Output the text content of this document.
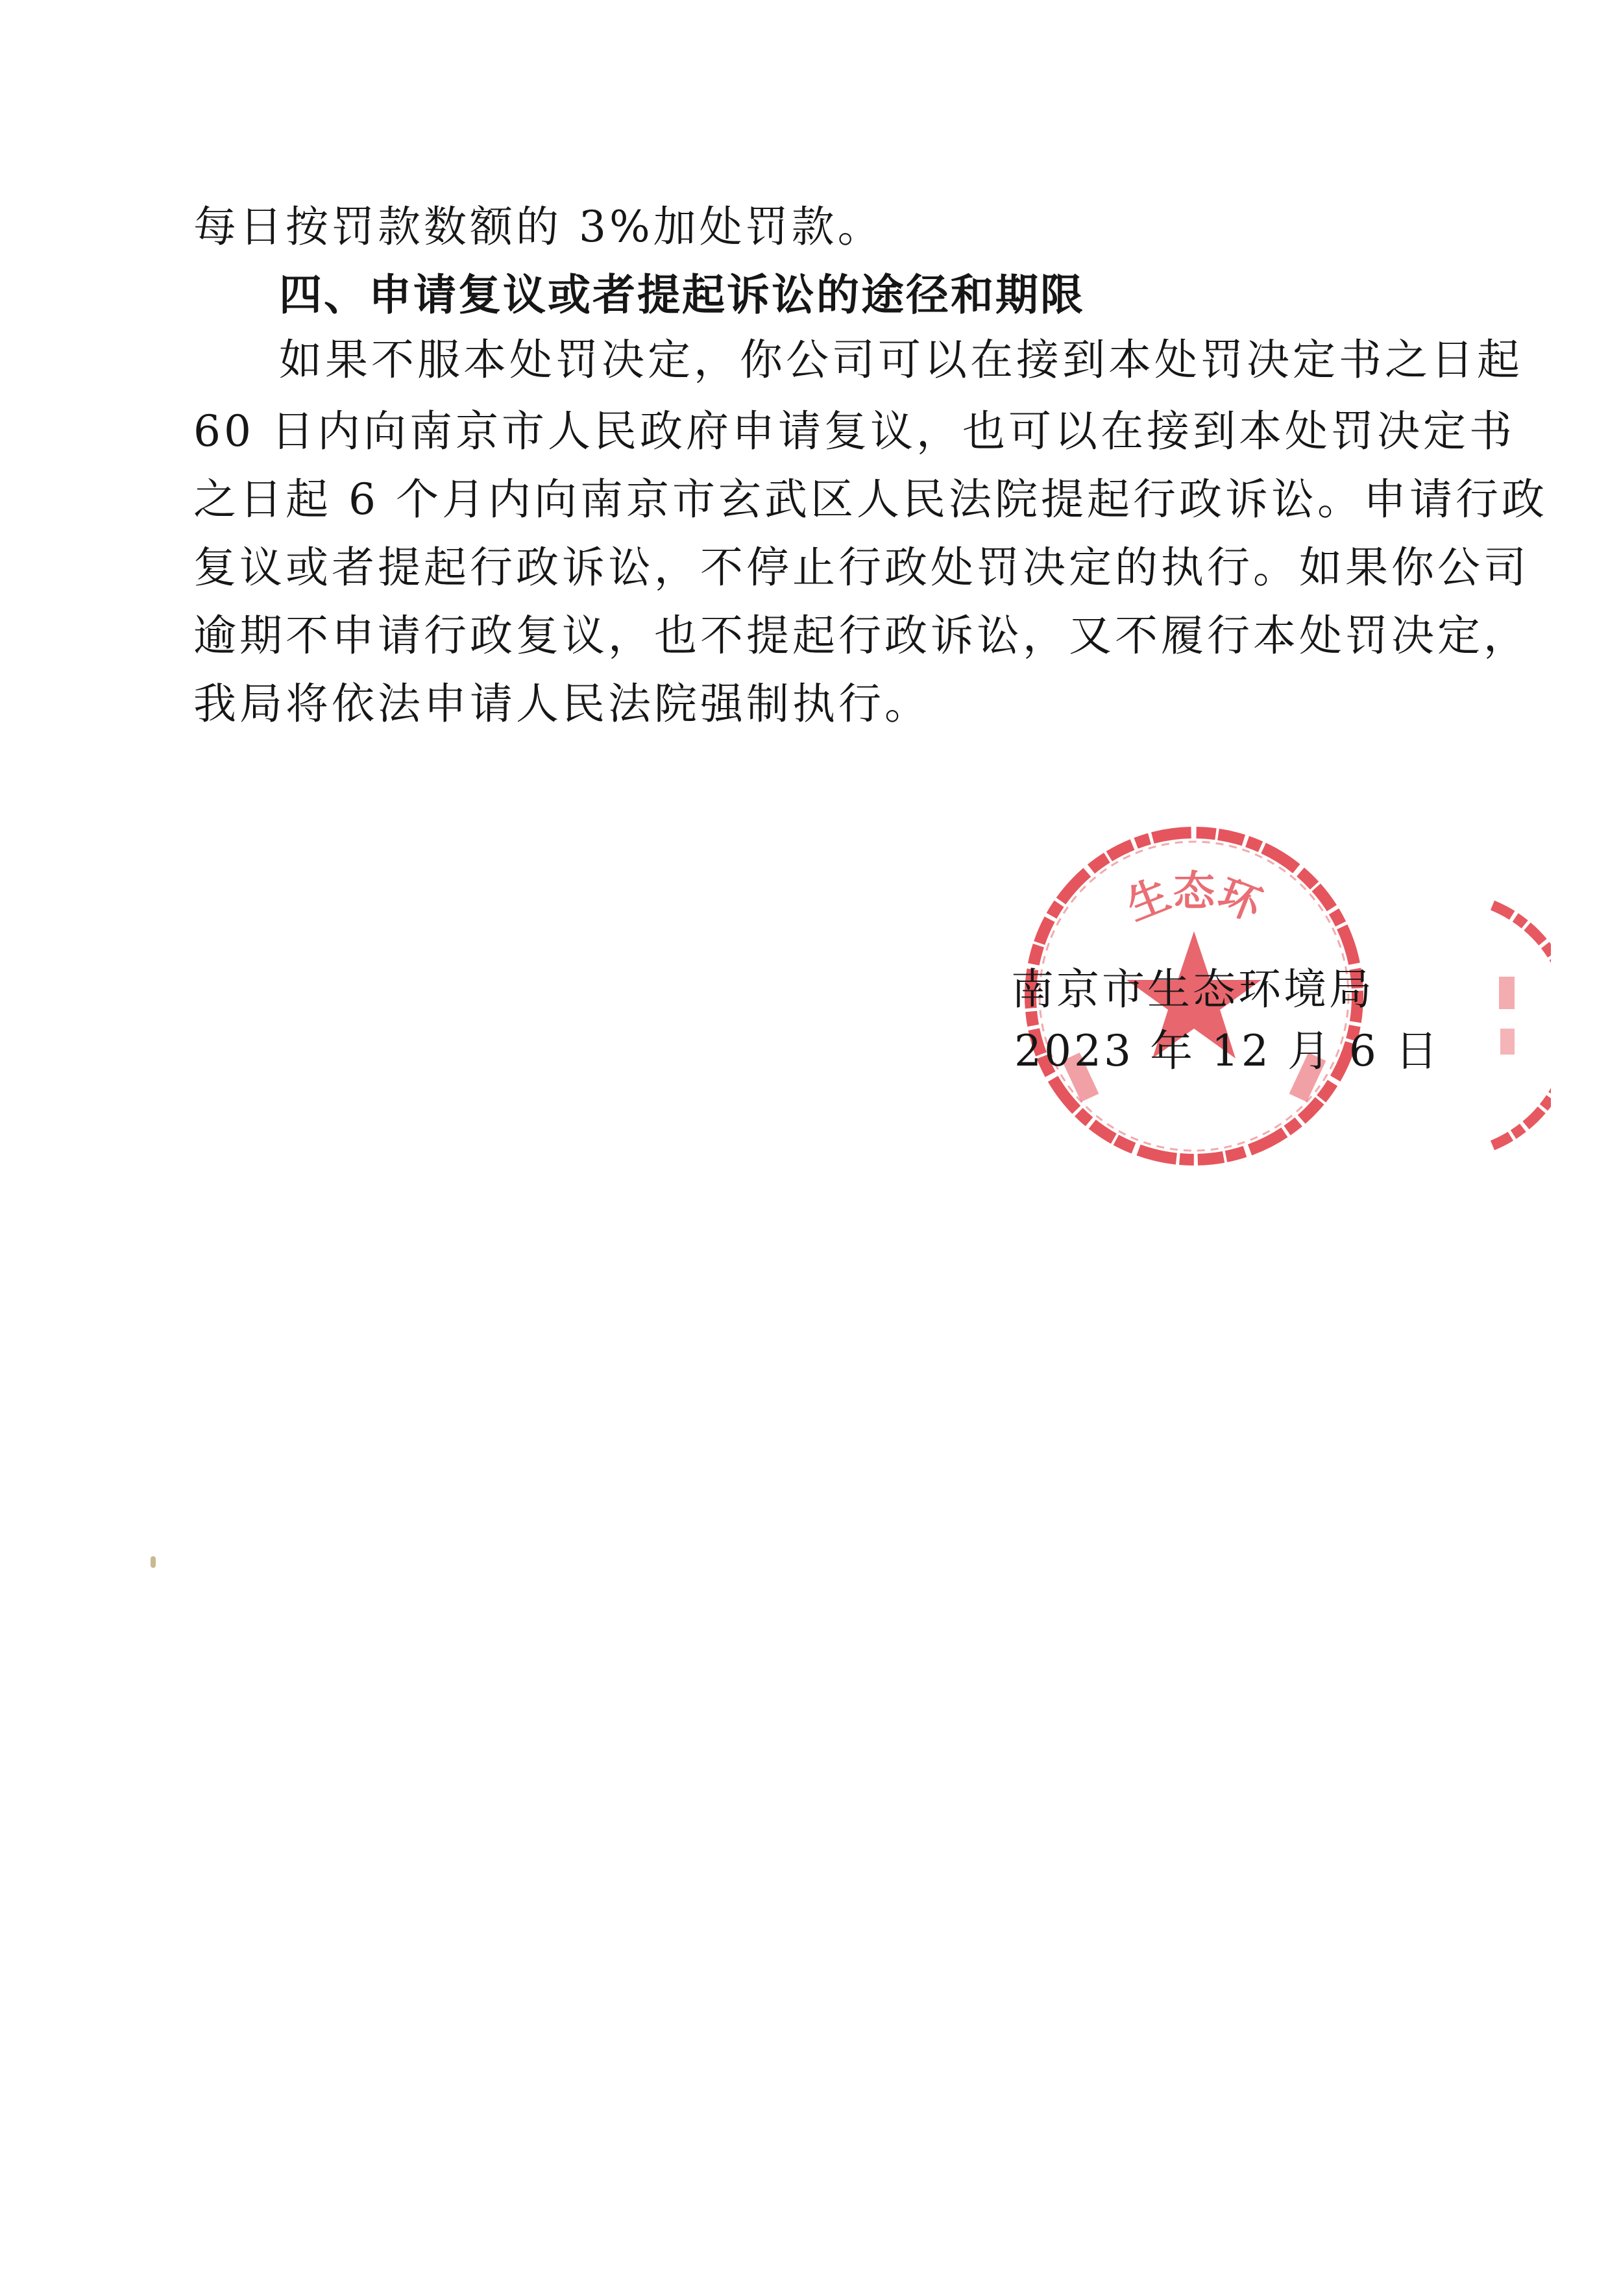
每日按罚款数额的 3%加处罚款。
四、申请复议或者提起诉讼的途径和期限
如果不服本处罚决定，你公司可以在接到本处罚决定书之日起
60 日内向南京市人民政府申请复议，也可以在接到本处罚决定书
之日起 6 个月内向南京市玄武区人民法院提起行政诉讼。申请行政
复议或者提起行政诉讼，不停止行政处罚决定的执行。如果你公司
逾期不申请行政复议，也不提起行政诉讼，又不履行本处罚决定，
我局将依法申请人民法院强制执行。
生态环
南京市生态环境局
2023 年 12 月 6 日
